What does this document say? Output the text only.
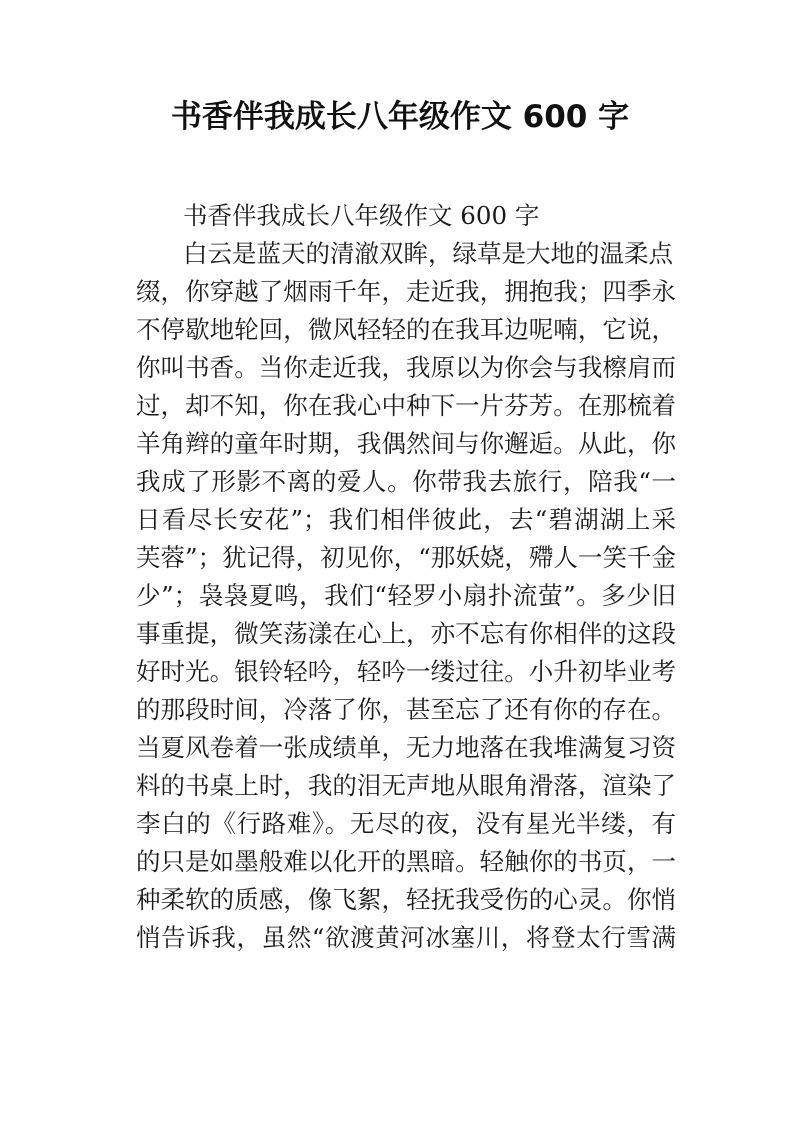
书香伴我成长八年级作文 600 字
书香伴我成长八年级作文 600 字
白云是蓝天的清澈双眸，绿草是大地的温柔点
缀，你穿越了烟雨千年，走近我，拥抱我；四季永
不停歇地轮回，微风轻轻的在我耳边呢喃，它说，
你叫书香。当你走近我，我原以为你会与我檫肩而
过，却不知，你在我心中种下一片芬芳。在那梳着
羊角辫的童年时期，我偶然间与你邂逅。从此，你
我成了形影不离的爱人。你带我去旅行，陪我“一
日看尽长安花”；我们相伴彼此，去“碧湖湖上采
芙蓉”；犹记得，初见你，“那妖娆，殢人一笑千金
少”；袅袅夏鸣，我们“轻罗小扇扑流萤”。多少旧
事重提，微笑荡漾在心上，亦不忘有你相伴的这段
好时光。银铃轻吟，轻吟一缕过往。小升初毕业考
的那段时间，冷落了你，甚至忘了还有你的存在。
当夏风卷着一张成绩单，无力地落在我堆满复习资
料的书桌上时，我的泪无声地从眼角滑落，渲染了
李白的《行路难》。无尽的夜，没有星光半缕，有
的只是如墨般难以化开的黑暗。轻触你的书页，一
种柔软的质感，像飞絮，轻抚我受伤的心灵。你悄
悄告诉我，虽然“欲渡黄河冰塞川，将登太行雪满
